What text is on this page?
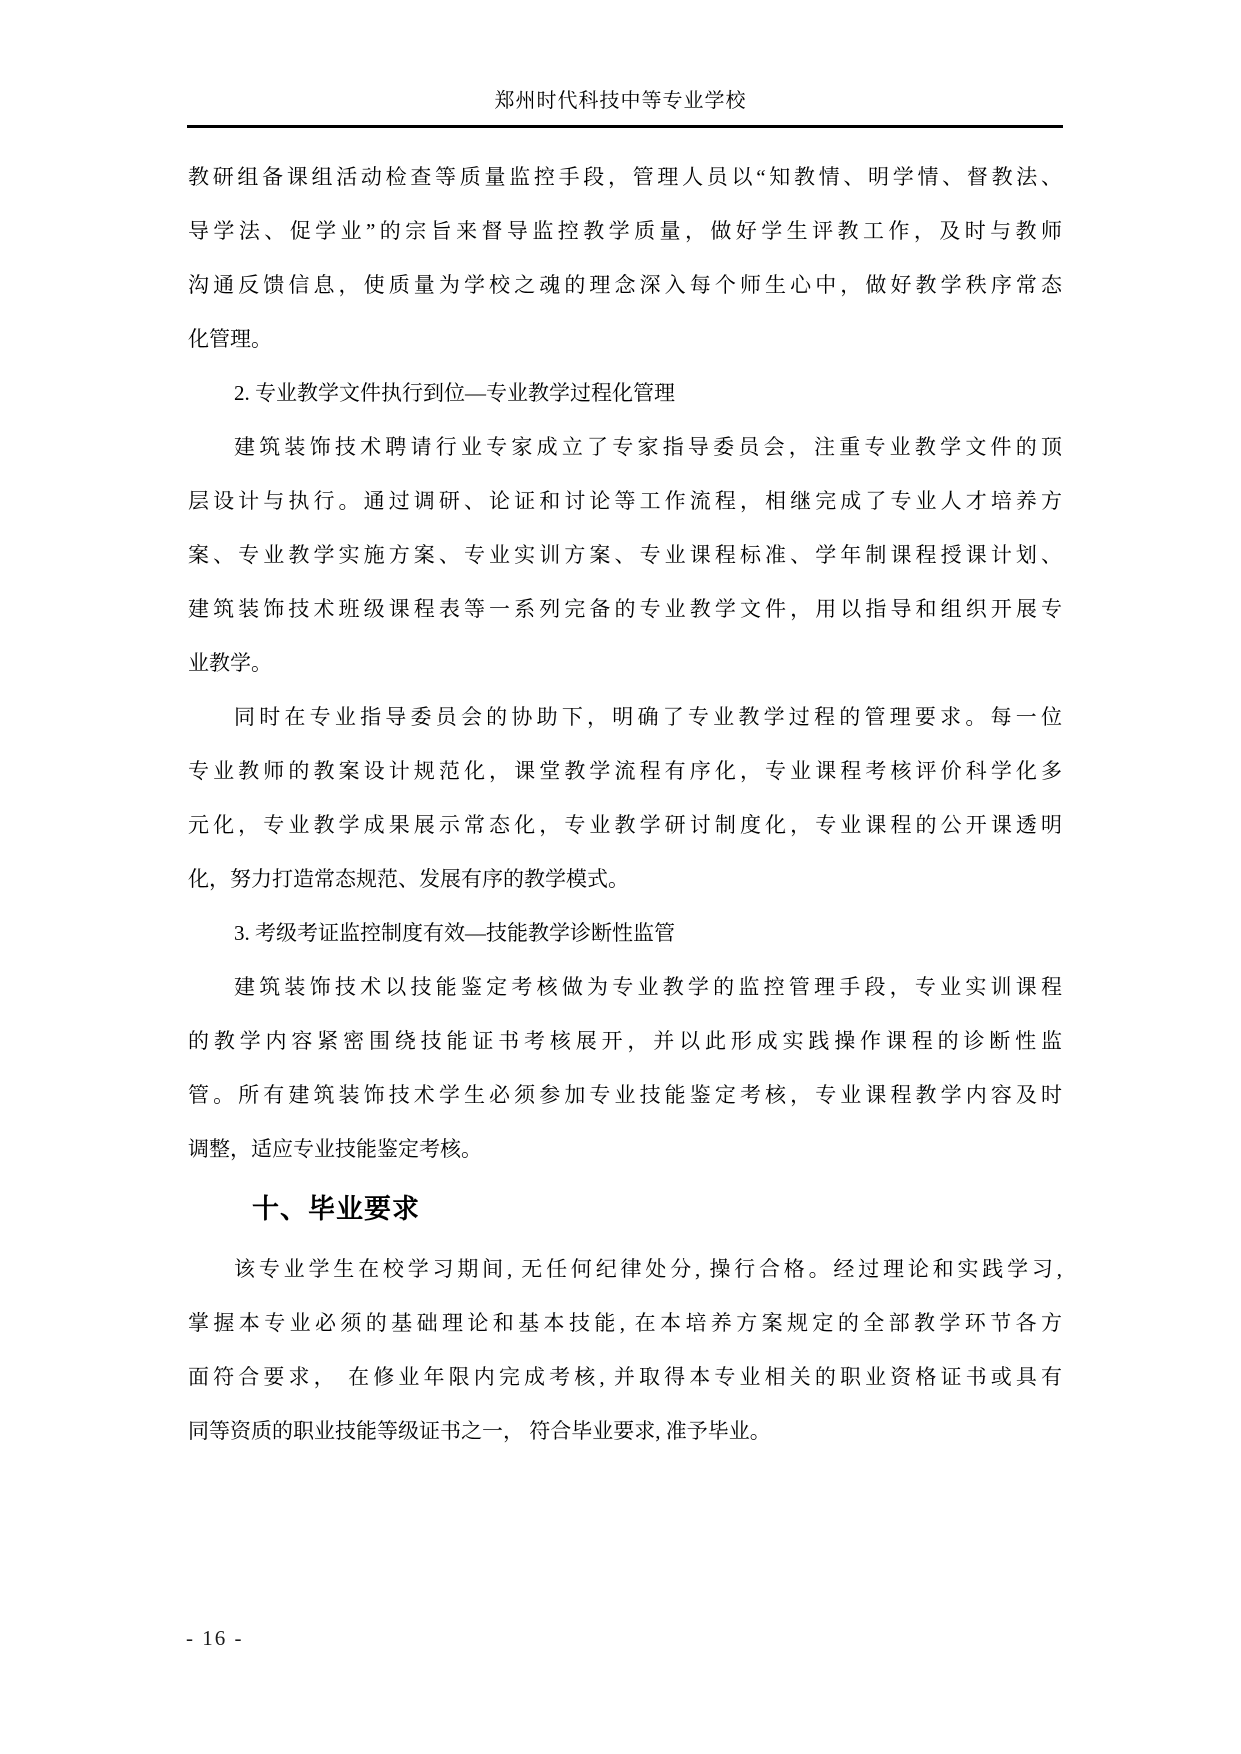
郑州时代科技中等专业学校
教研组备课组活动检查等质量监控手段，管理人员以“知教情、明学情、督教法、
导学法、促学业”的宗旨来督导监控教学质量，做好学生评教工作，及时与教师
沟通反馈信息，使质量为学校之魂的理念深入每个师生心中，做好教学秩序常态
化管理。
2. 专业教学文件执行到位—专业教学过程化管理
建筑装饰技术聘请行业专家成立了专家指导委员会，注重专业教学文件的顶
层设计与执行。通过调研、论证和讨论等工作流程，相继完成了专业人才培养方
案、专业教学实施方案、专业实训方案、专业课程标准、学年制课程授课计划、
建筑装饰技术班级课程表等一系列完备的专业教学文件，用以指导和组织开展专
业教学。
同时在专业指导委员会的协助下，明确了专业教学过程的管理要求。每一位
专业教师的教案设计规范化，课堂教学流程有序化，专业课程考核评价科学化多
元化，专业教学成果展示常态化，专业教学研讨制度化，专业课程的公开课透明
化，努力打造常态规范、发展有序的教学模式。
3. 考级考证监控制度有效—技能教学诊断性监管
建筑装饰技术以技能鉴定考核做为专业教学的监控管理手段，专业实训课程
的教学内容紧密围绕技能证书考核展开，并以此形成实践操作课程的诊断性监
管。所有建筑装饰技术学生必须参加专业技能鉴定考核，专业课程教学内容及时
调整，适应专业技能鉴定考核。
十、毕业要求
该专业学生在校学习期间, 无任何纪律处分, 操行合格。经过理论和实践学习,
掌握本专业必须的基础理论和基本技能, 在本培养方案规定的全部教学环节各方
面符合要求， 在修业年限内完成考核, 并取得本专业相关的职业资格证书或具有
同等资质的职业技能等级证书之一， 符合毕业要求, 准予毕业。
- 16 -
